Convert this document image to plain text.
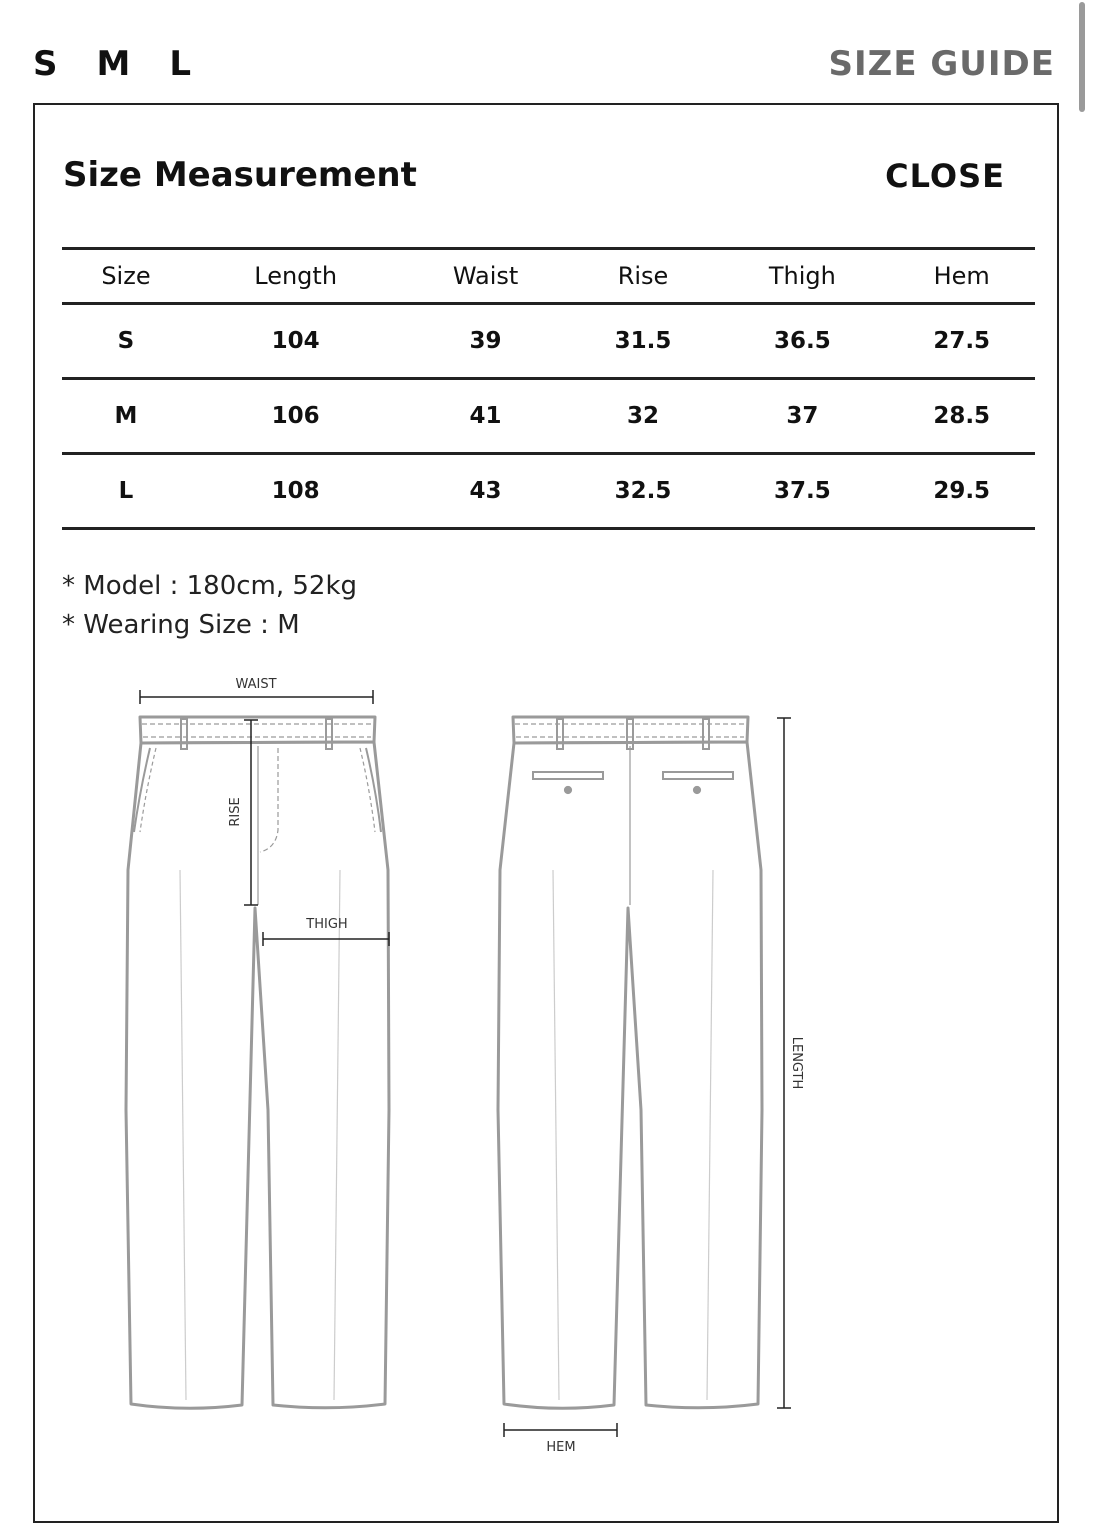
S M L	SIZE GUIDE
Size Measurement	CLOSE
Size	Length	Waist	Rise	Thigh	Hem
S	104	39	31.5	36.5	27.5
M	106	41	32	37	28.5
L	108	43	32.5	37.5	29.5
* Model : 180cm, 52kg
* Wearing Size : M
WAIST
RISE
THIGH
HEM
LENGTH
